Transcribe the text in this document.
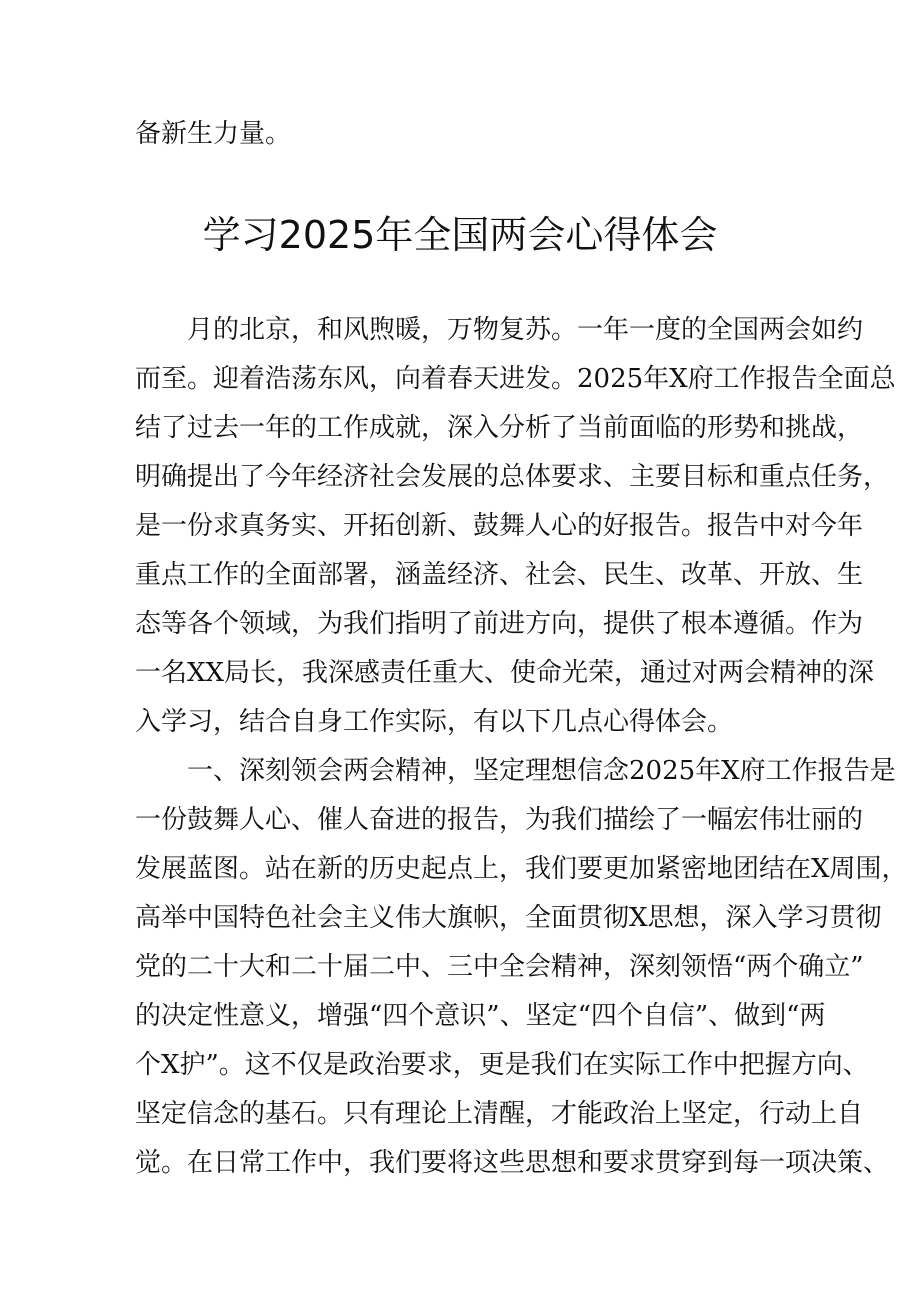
备新生力量。
学习2025年全国两会心得体会
　　月的北京，和风煦暖，万物复苏。一年一度的全国两会如约
而至。迎着浩荡东风，向着春天进发。2025年X府工作报告全面总
结了过去一年的工作成就，深入分析了当前面临的形势和挑战，
明确提出了今年经济社会发展的总体要求、主要目标和重点任务，
是一份求真务实、开拓创新、鼓舞人心的好报告。报告中对今年
重点工作的全面部署，涵盖经济、社会、民生、改革、开放、生
态等各个领域，为我们指明了前进方向，提供了根本遵循。作为
一名XX局长，我深感责任重大、使命光荣，通过对两会精神的深
入学习，结合自身工作实际，有以下几点心得体会。
　　一、深刻领会两会精神，坚定理想信念2025年X府工作报告是
一份鼓舞人心、催人奋进的报告，为我们描绘了一幅宏伟壮丽的
发展蓝图。站在新的历史起点上，我们要更加紧密地团结在X周围，
高举中国特色社会主义伟大旗帜，全面贯彻X思想，深入学习贯彻
党的二十大和二十届二中、三中全会精神，深刻领悟“两个确立”
的决定性意义，增强“四个意识”、坚定“四个自信”、做到“两
个X护”。这不仅是政治要求，更是我们在实际工作中把握方向、
坚定信念的基石。只有理论上清醒，才能政治上坚定，行动上自
觉。在日常工作中，我们要将这些思想和要求贯穿到每一项决策、
